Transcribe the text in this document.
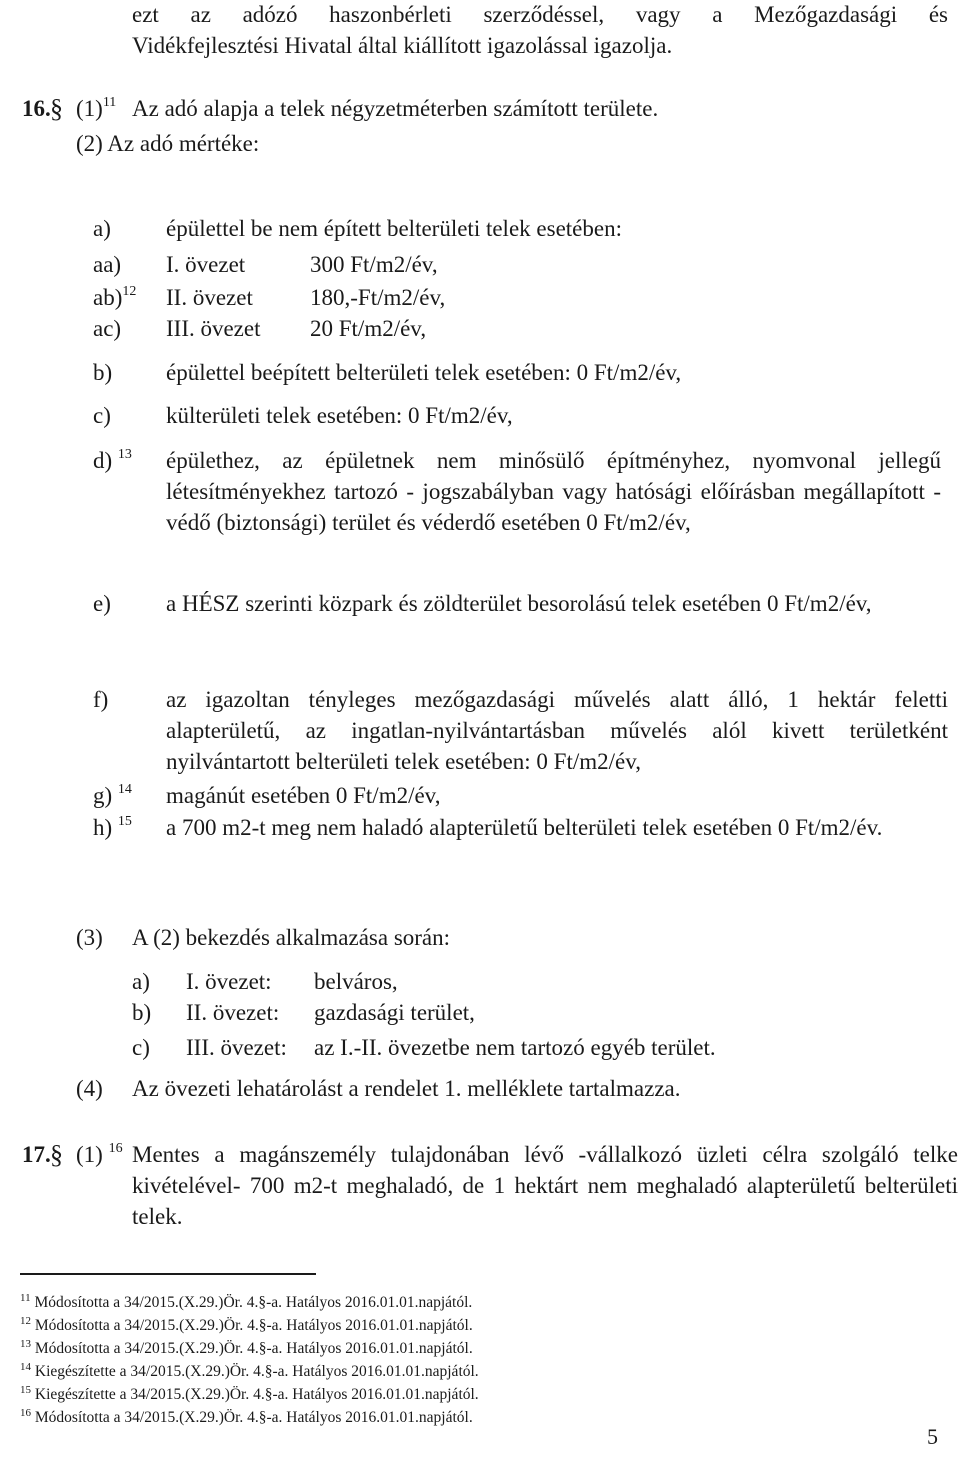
ezt az adózó haszonbérleti szerződéssel, vagy a Mezőgazdasági és
Vidékfejlesztési Hivatal által kiállított igazolással igazolja.
16. § $(1)^{11}$ Az adó alapja a telek négyzetméterben számított területe.
(2) Az adó mértéke:
a) épülettel be nem épített belterületi telek esetében:
aa) I. övezet	300 Ft/m2/év,
ab)$^{12}$ II. övezet 180,-Ft/m2/év,
ac) III. övezet 20 Ft/m2/év,
b) épülettel beépített belterületi telek esetében: 0 Ft/m2/év,
c) külterületi telek esetében: 0 Ft/m2/év,
d) $^{13}$ épülethez, az épületnek nem minősülő építményhez, nyomvonal jellegű létesítményekhez tartozó - jogszabályban vagy hatósági előírásban megállapított - védő (biztonsági) terület és véderdő esetében 0 Ft/m2/év,
e) a HÉSZ szerinti közpark és zöldterület besorolású telek esetében 0 Ft/m2/év,
f)	az igazoltan tényleges mezőgazdasági művelés alatt álló, 1 hektár feletti alapterületű, az ingatlan-nyilvántartásban művelés alól kivett területként nyilvántartott belterületi telek esetében: 0 Ft/m2/év,
g) $^{14}$ magánút esetében 0 Ft/m2/év,
h) $^{15}$ a 700 m2-t meg nem haladó alapterületű belterületi telek esetében 0 Ft/m2/év.
(3) A (2) bekezdés alkalmazása során:
a) I. övezet: belváros,
b) II. övezet: gazdasági terület,
c) III. övezet: az I.-II. övezetbe nem tartozó egyéb terület.
(4) Az övezeti lehatárolást a rendelet 1. melléklete tartalmazza.
17. § (1) $^{16}$ Mentes a magánszemély tulajdonában lévő -vállalkozó üzleti célra szolgáló telke kivételével- 700 m2-t meghaladó, de 1 hektárt nem meghaladó alapterületű belterületi telek.
$^{11}$ Módosította a 34/2015.(X.29.)Ör. 4.§-a. Hatályos 2016.01.01.napjától.
$^{12}$ Módosította a 34/2015.(X.29.)Ör. 4.§-a. Hatályos 2016.01.01.napjától.
$^{13}$ Módosította a 34/2015.(X.29.)Ör. 4.§-a. Hatályos 2016.01.01.napjától.
$^{14}$ Kiegészítette a 34/2015.(X.29.)Ör. 4.§-a. Hatályos 2016.01.01.napjától.
$^{15}$ Kiegészítette a 34/2015.(X.29.)Ör. 4.§-a. Hatályos 2016.01.01.napjától.
$^{16}$ Módosította a 34/2015.(X.29.)Ör. 4.§-a. Hatályos 2016.01.01.napjától.
5
